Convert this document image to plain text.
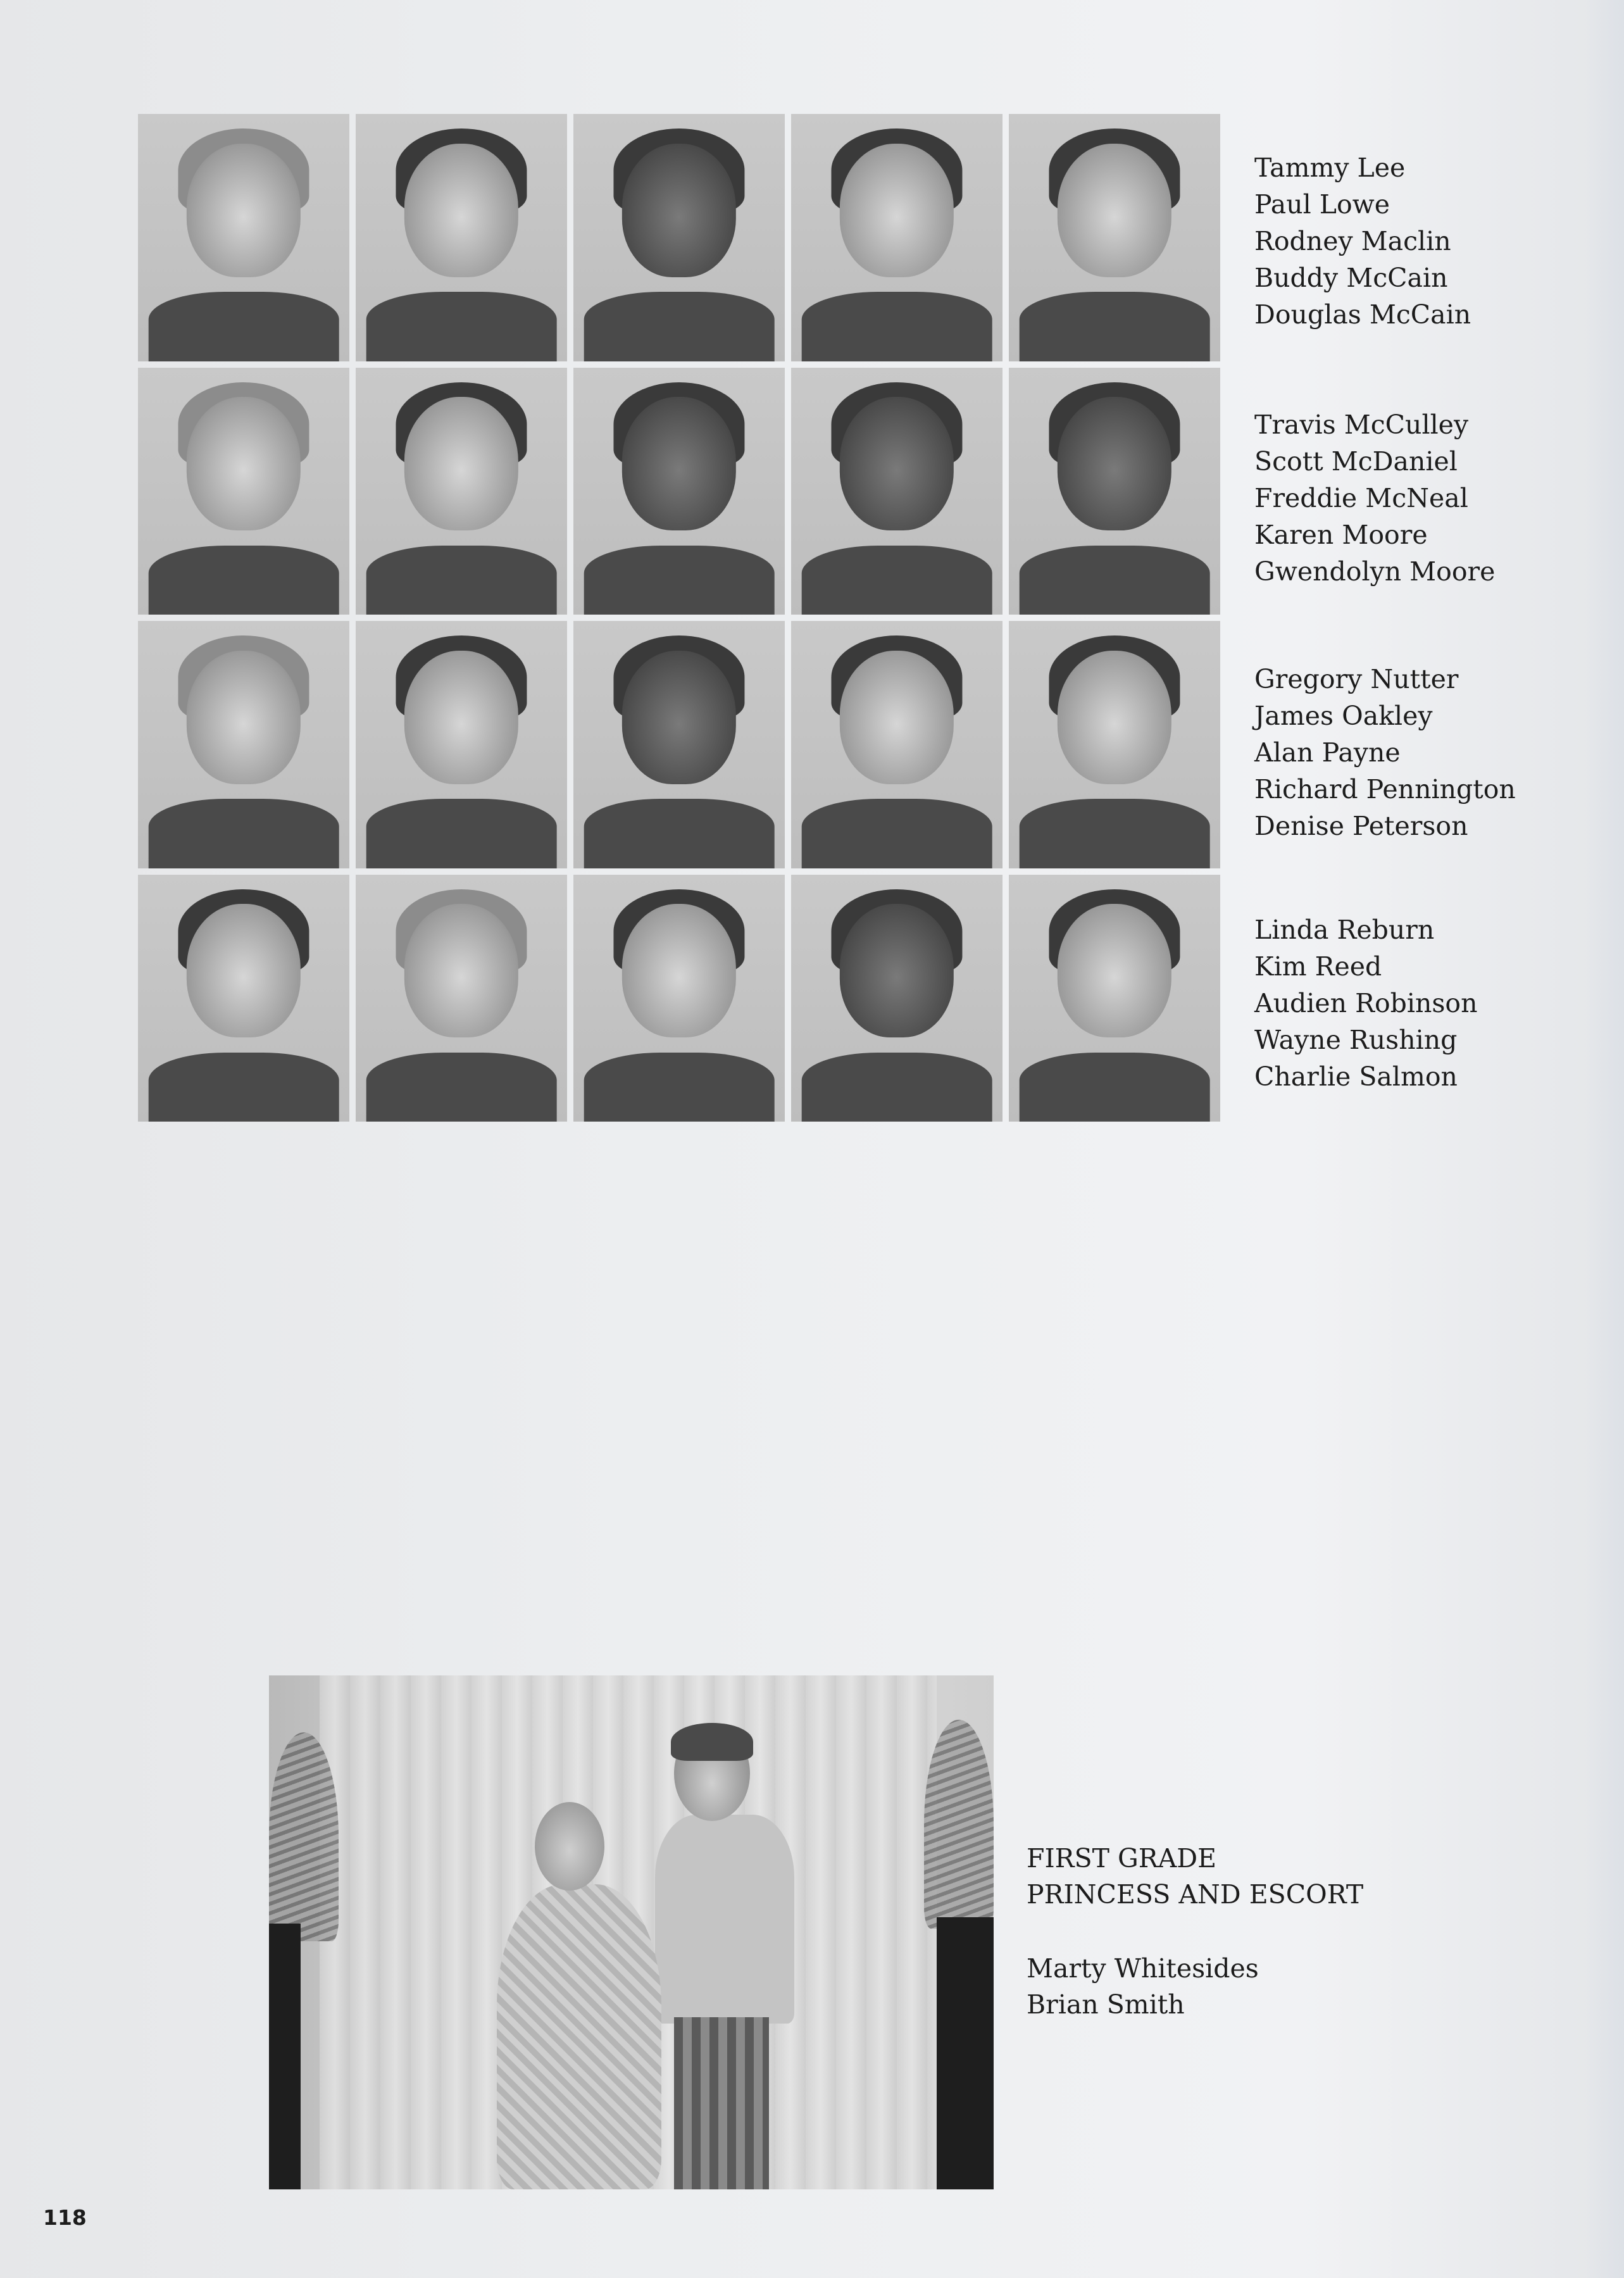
Tammy Lee
Paul Lowe
Rodney Maclin
Buddy McCain
Douglas McCain
Travis McCulley
Scott McDaniel
Freddie McNeal
Karen Moore
Gwendolyn Moore
Gregory Nutter
James Oakley
Alan Payne
Richard Pennington
Denise Peterson
Linda Reburn
Kim Reed
Audien Robinson
Wayne Rushing
Charlie Salmon
FIRST GRADE
PRINCESS AND ESCORT
Marty Whitesides
Brian Smith
118
